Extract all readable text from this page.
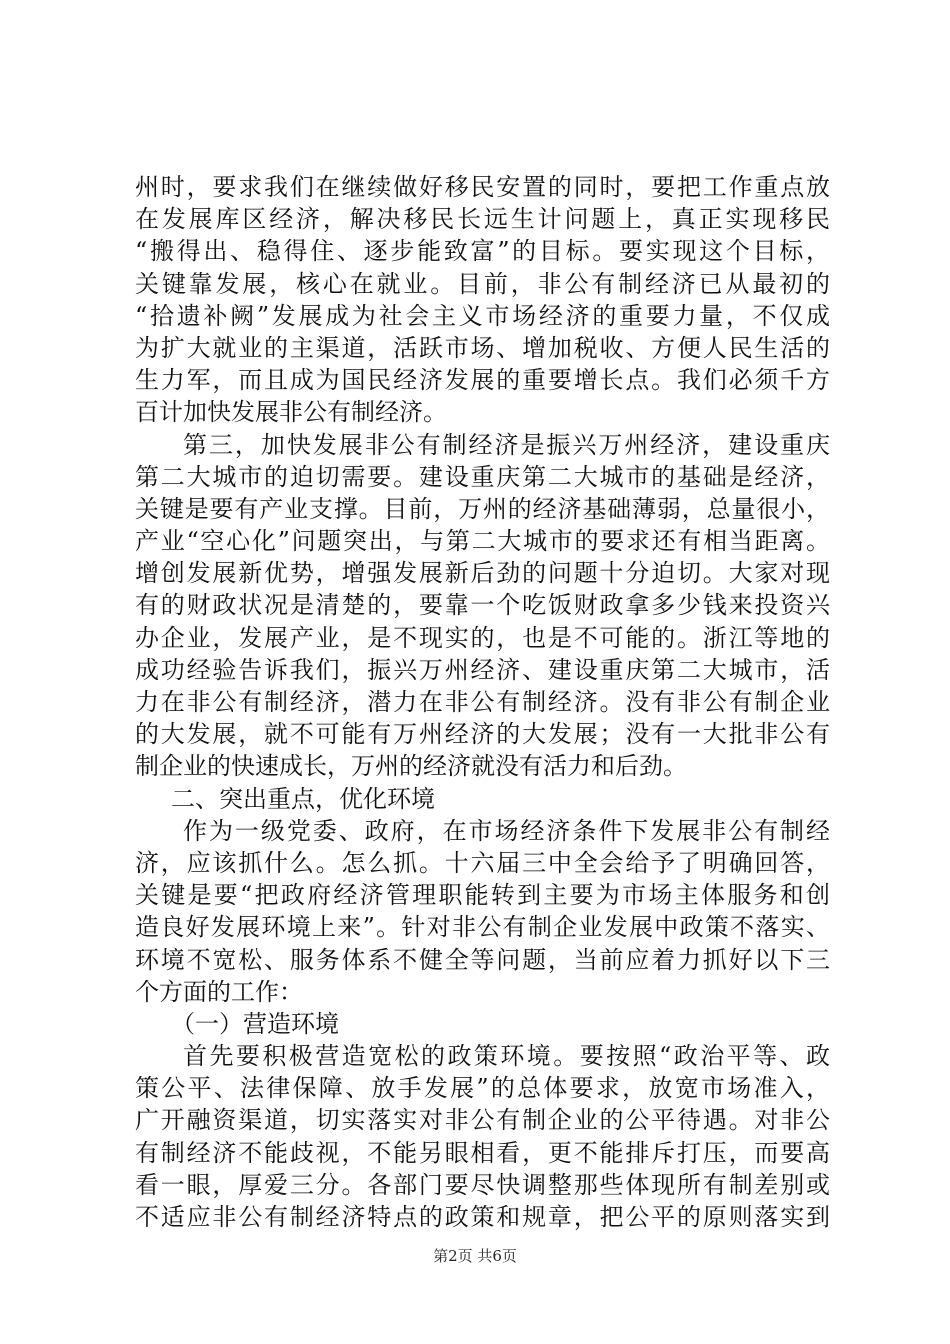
州时，要求我们在继续做好移民安置的同时，要把工作重点放
在发展库区经济，解决移民长远生计问题上，真正实现移民
“搬得出、稳得住、逐步能致富”的目标。要实现这个目标，
关键靠发展，核心在就业。目前，非公有制经济已从最初的
“拾遗补阙”发展成为社会主义市场经济的重要力量，不仅成
为扩大就业的主渠道，活跃市场、增加税收、方便人民生活的
生力军，而且成为国民经济发展的重要增长点。我们必须千方
百计加快发展非公有制经济。
第三，加快发展非公有制经济是振兴万州经济，建设重庆
第二大城市的迫切需要。建设重庆第二大城市的基础是经济，
关键是要有产业支撑。目前，万州的经济基础薄弱，总量很小，
产业“空心化”问题突出，与第二大城市的要求还有相当距离。
增创发展新优势，增强发展新后劲的问题十分迫切。大家对现
有的财政状况是清楚的，要靠一个吃饭财政拿多少钱来投资兴
办企业，发展产业，是不现实的，也是不可能的。浙江等地的
成功经验告诉我们，振兴万州经济、建设重庆第二大城市，活
力在非公有制经济，潜力在非公有制经济。没有非公有制企业
的大发展，就不可能有万州经济的大发展；没有一大批非公有
制企业的快速成长，万州的经济就没有活力和后劲。
二、突出重点，优化环境
作为一级党委、政府，在市场经济条件下发展非公有制经
济，应该抓什么。怎么抓。十六届三中全会给予了明确回答，
关键是要“把政府经济管理职能转到主要为市场主体服务和创
造良好发展环境上来”。针对非公有制企业发展中政策不落实、
环境不宽松、服务体系不健全等问题，当前应着力抓好以下三
个方面的工作：
（一）营造环境
首先要积极营造宽松的政策环境。要按照“政治平等、政
策公平、法律保障、放手发展”的总体要求，放宽市场准入，
广开融资渠道，切实落实对非公有制企业的公平待遇。对非公
有制经济不能歧视，不能另眼相看，更不能排斥打压，而要高
看一眼，厚爱三分。各部门要尽快调整那些体现所有制差别或
不适应非公有制经济特点的政策和规章，把公平的原则落实到
第2页 共6页
